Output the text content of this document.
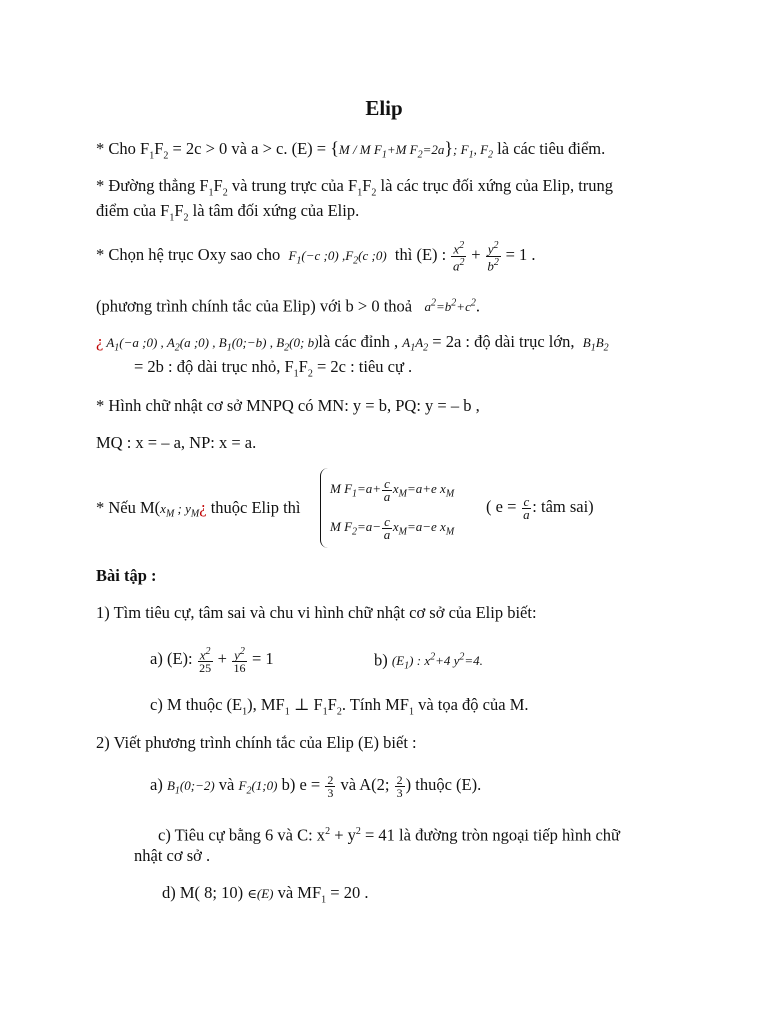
Elip
* Cho $F_1F_2 = 2c > 0$ và a > c. (E) = {M / M $F_1+M$ $F_2=2a$}; $F_1$, $F_2$ là các tiêu điểm.
* Đường thẳng $F_1F_2$ và trung trực của $F_1F_2$ là các trục đối xứng của Elip, trung
điểm của $F_1F_2$ là tâm đối xứng của Elip.
* Chọn hệ trục Oxy sao cho $F_1(-c$ ;0) $,F_2(c$ ;0) thì (E) : $\frac{x^2}{a^2} + \frac{y^2}{b^2} = 1$ .
(phương trình chính tắc của Elip) với b > 0 thoả $a^2=b^2+c^2$.
¿ $A_1(-a$ ;0) , $A_2(a$ ;0) , $B_1(0;-b)$ , $B_2(0$; b)là các đỉnh , $A_1A_2 = 2a$ : độ dài trục lớn, $B_1B_2$
= 2b : độ dài trục nhỏ, $F_1F_2 = 2c$ : tiêu cự .
* Hình chữ nhật cơ sở MNPQ có MN: y = b, PQ: y = – b ,
MQ : x = – a, NP: x = a.
* Nếu $M(x_M$ ; $y_M¿$ thuộc Elip thì
M $F_1=a+ \frac{c}{a} x_M=a+e$ $x_M$
M $F_2=a- \frac{c}{a} x_M=a-e$ $x_M$
( $e = \frac{c}{a}$ : tâm sai)
Bài tập :
1) Tìm tiêu cự, tâm sai và chu vi hình chữ nhật cơ sở của Elip biết:
a) (E): $\frac{x^2}{25} + \frac{y^2}{16} = 1$	b) $(E_1)$ : $x^2+4$ $y^2=4$.
c) M thuộc $(E_1)$, $MF_1$ ⊥ $F_1F_2$. Tính $MF_1$ và tọa độ của M.
2) Viết phương trình chính tắc của Elip (E) biết :
a) $B_1(0;-2)$ và $F_2(1;0)$ b) $e = \frac{2}{3}$ và A(2; $\frac{2}{3}$ ) thuộc (E).
c) Tiêu cự bằng 6 và C: $x^2 + y^2 = 41$ là đường tròn ngoại tiếp hình chữ
nhật cơ sở .
d) M( 8; 10) ∈(E) và $MF_1 = 20$ .
